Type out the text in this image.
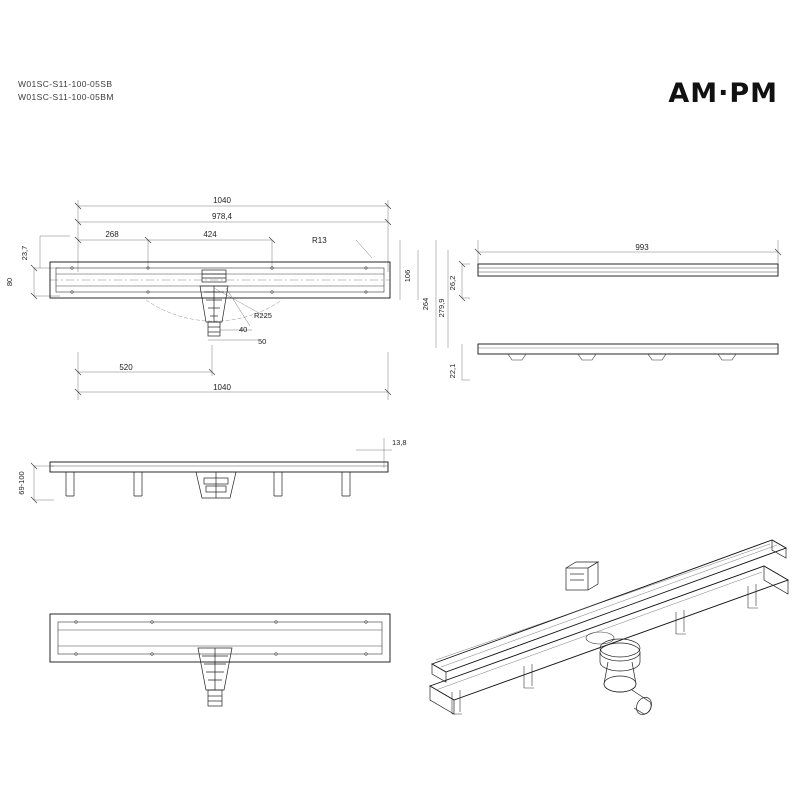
W01SC-S11-100-05SB
W01SC-S11-100-05BM	AM·PM
1040
978,4
268	424
R13
23,7
80
40
50
R225
520
1040
106
264 279,9
993
26,2
22,1
13,8
69-100
